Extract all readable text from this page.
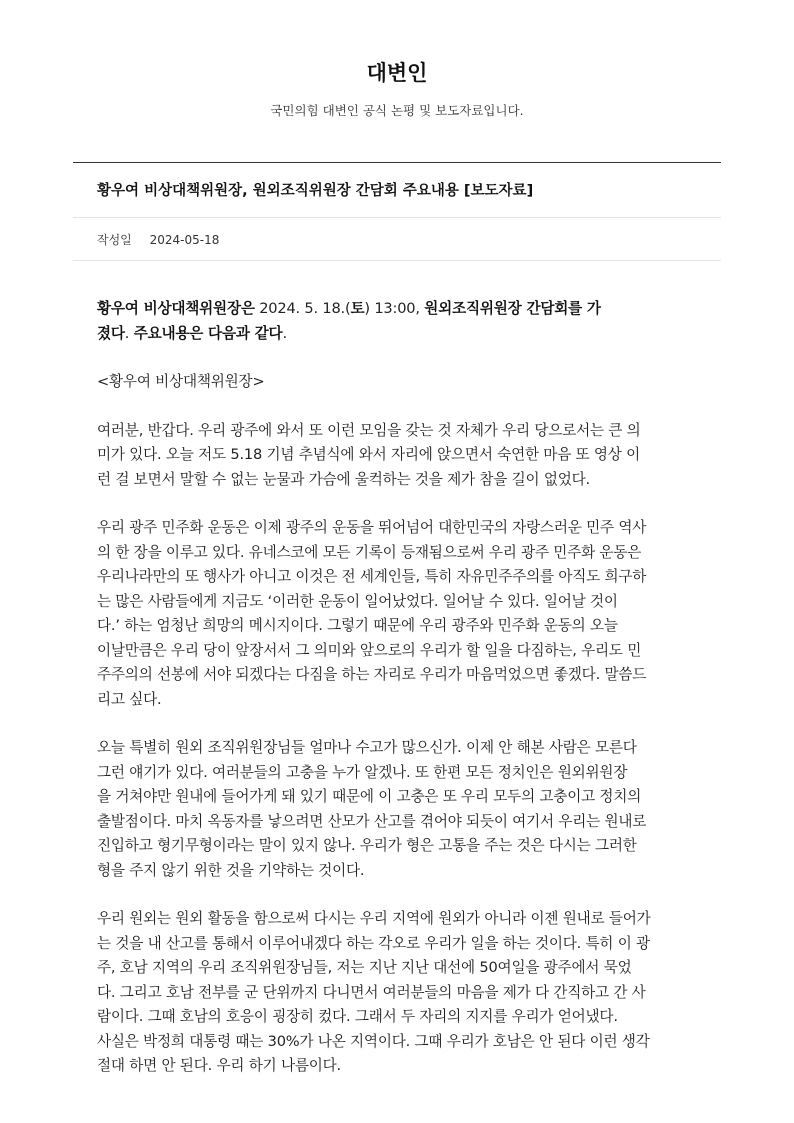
대변인
국민의힘 대변인 공식 논평 및 보도자료입니다.
황우여 비상대책위원장, 원외조직위원장 간담회 주요내용 [보도자료]
작성일 2024-05-18

황우여 비상대책위원장은 2024. 5. 18.(토) 13:00, 원외조직위원장 간담회를 가
졌다. 주요내용은 다음과 같다.

<황우여 비상대책위원장>

여러분, 반갑다. 우리 광주에 와서 또 이런 모임을 갖는 것 자체가 우리 당으로서는 큰 의
미가 있다. 오늘 저도 5.18 기념 추념식에 와서 자리에 앉으면서 숙연한 마음 또 영상 이
런 걸 보면서 말할 수 없는 눈물과 가슴에 울컥하는 것을 제가 참을 길이 없었다.

우리 광주 민주화 운동은 이제 광주의 운동을 뛰어넘어 대한민국의 자랑스러운 민주 역사
의 한 장을 이루고 있다. 유네스코에 모든 기록이 등재됨으로써 우리 광주 민주화 운동은
우리나라만의 또 행사가 아니고 이것은 전 세계인들, 특히 자유민주주의를 아직도 희구하
는 많은 사람들에게 지금도 ‘이러한 운동이 일어났었다. 일어날 수 있다. 일어날 것이
다.’ 하는 엄청난 희망의 메시지이다. 그렇기 때문에 우리 광주와 민주화 운동의 오늘
이날만큼은 우리 당이 앞장서서 그 의미와 앞으로의 우리가 할 일을 다짐하는, 우리도 민
주주의의 선봉에 서야 되겠다는 다짐을 하는 자리로 우리가 마음먹었으면 좋겠다. 말씀드
리고 싶다.

오늘 특별히 원외 조직위원장님들 얼마나 수고가 많으신가. 이제 안 해본 사람은 모른다
그런 얘기가 있다. 여러분들의 고충을 누가 알겠나. 또 한편 모든 정치인은 원외위원장
을 거쳐야만 원내에 들어가게 돼 있기 때문에 이 고충은 또 우리 모두의 고충이고 정치의
출발점이다. 마치 옥동자를 낳으려면 산모가 산고를 겪어야 되듯이 여기서 우리는 원내로
진입하고 형기무형이라는 말이 있지 않나. 우리가 형은 고통을 주는 것은 다시는 그러한
형을 주지 않기 위한 것을 기약하는 것이다.

우리 원외는 원외 활동을 함으로써 다시는 우리 지역에 원외가 아니라 이젠 원내로 들어가
는 것을 내 산고를 통해서 이루어내겠다 하는 각오로 우리가 일을 하는 것이다. 특히 이 광
주, 호남 지역의 우리 조직위원장님들, 저는 지난 지난 대선에 50여일을 광주에서 묵었
다. 그리고 호남 전부를 군 단위까지 다니면서 여러분들의 마음을 제가 다 간직하고 간 사
람이다. 그때 호남의 호응이 굉장히 컸다. 그래서 두 자리의 지지를 우리가 얻어냈다.
사실은 박정희 대통령 때는 30%가 나온 지역이다. 그때 우리가 호남은 안 된다 이런 생각
절대 하면 안 된다. 우리 하기 나름이다.
